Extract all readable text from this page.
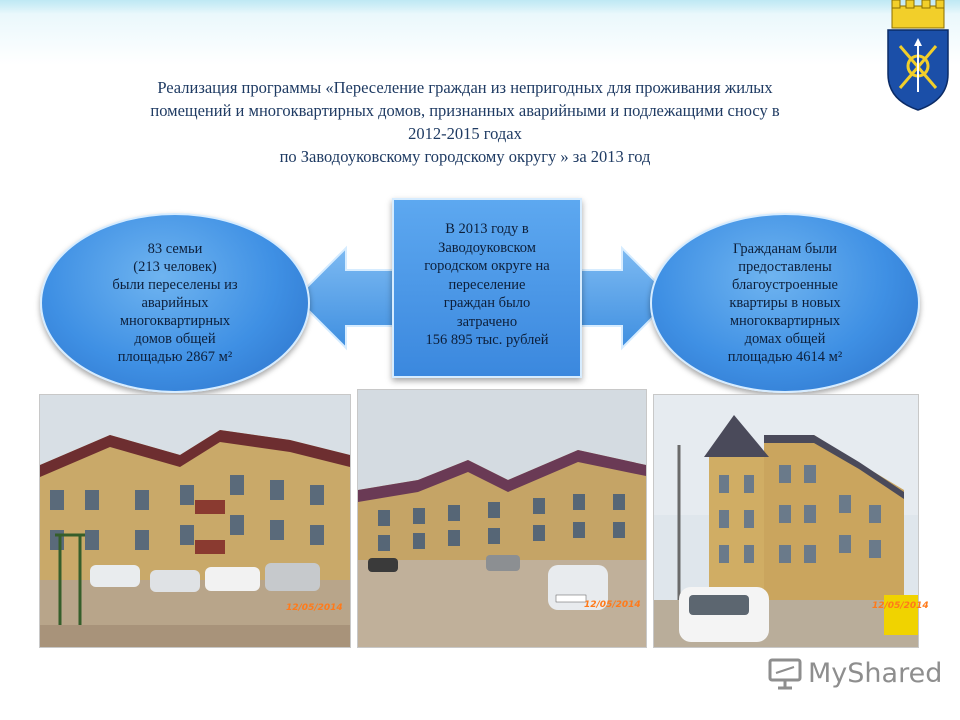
Реализация программы «Переселение граждан из непригодных для проживания жилых
помещений и многоквартирных домов, признанных аварийными и подлежащими сносу в
2012-2015 годах
по Заводоуковскому городскому округу » за 2013 год
83 семьи
(213 человек)
были переселены из
аварийных
многоквартирных
домов общей
площадью 2867 м²
В 2013 году в
Заводоуковском
городском округе на
переселение
граждан было
затрачено
156 895 тыс. рублей
Гражданам были
предоставлены
благоустроенные
квартиры в новых
многоквартирных
домах общей
площадью 4614 м²
12/05/2014	12/05/2014	12/05/2014
MyShared
